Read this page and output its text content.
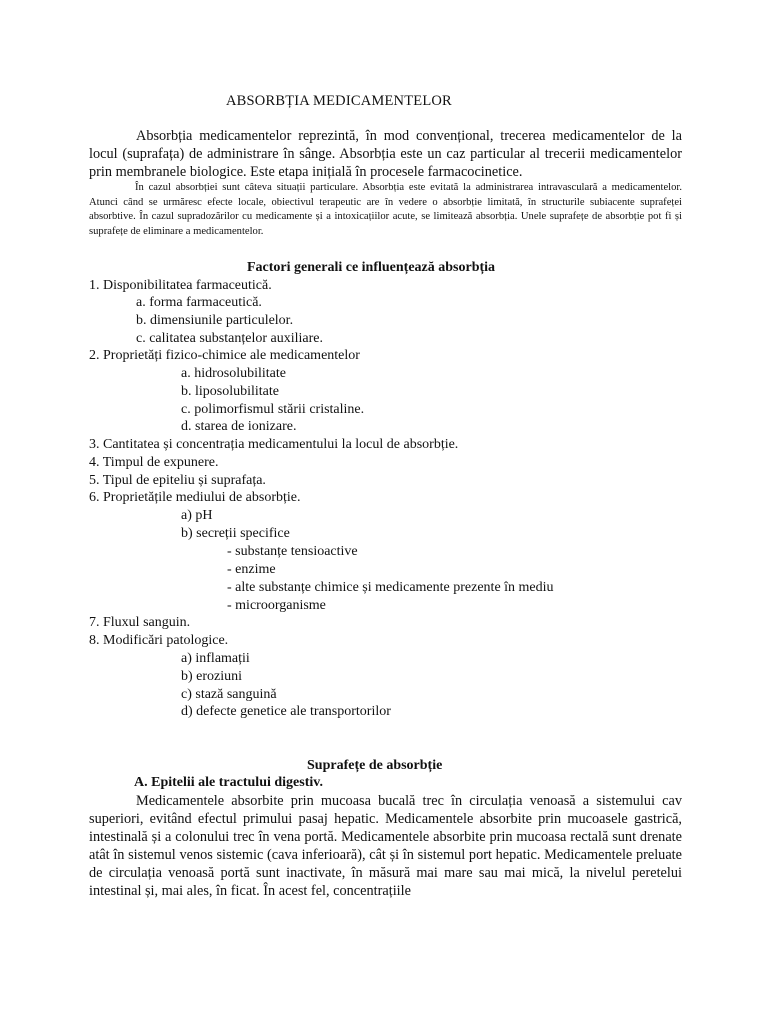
ABSORBȚIA MEDICAMENTELOR
Absorbția medicamentelor reprezintă, în mod convențional, trecerea medicamentelor de la locul (suprafața) de administrare în sânge. Absorbția este un caz particular al trecerii medicamentelor prin membranele biologice. Este etapa inițială în procesele farmacocinetice.
În cazul absorbției sunt câteva situații particulare. Absorbția este evitată la administrarea intravasculară a medicamentelor. Atunci când se urmăresc efecte locale, obiectivul terapeutic are în vedere o absorbție limitată, în structurile subiacente suprafeței absorbtive. În cazul supradozărilor cu medicamente și a intoxicațiilor acute, se limitează absorbția. Unele suprafețe de absorbție pot fi și suprafețe de eliminare a medicamentelor.
Factori generali ce influențează absorbția
1. Disponibilitatea farmaceutică.
a. forma farmaceutică.
b. dimensiunile particulelor.
c. calitatea substanțelor auxiliare.
2. Proprietăți fizico-chimice ale medicamentelor
a. hidrosolubilitate
b. liposolubilitate
c. polimorfismul stării cristaline.
d. starea de ionizare.
3. Cantitatea și concentrația medicamentului la locul de absorbție.
4. Timpul de expunere.
5. Tipul de epiteliu și suprafața.
6. Proprietățile mediului de absorbție.
a) pH
b) secreții specifice
- substanțe tensioactive
- enzime
- alte substanțe chimice și medicamente prezente în mediu
- microorganisme
7. Fluxul sanguin.
8. Modificări patologice.
a) inflamații
b) eroziuni
c) stază sanguină
d) defecte genetice ale transportorilor
Suprafețe de absorbție
A. Epitelii ale tractului digestiv.
Medicamentele absorbite prin mucoasa bucală trec în circulația venoasă a sistemului cav superiori, evitând efectul primului pasaj hepatic. Medicamentele absorbite prin mucoasele gastrică, intestinală și a colonului trec în vena portă. Medicamentele absorbite prin mucoasa rectală sunt drenate atât în sistemul venos sistemic (cava inferioară), cât și în sistemul port hepatic. Medicamentele preluate de circulația venoasă portă sunt inactivate, în măsură mai mare sau mai mică, la nivelul peretelui intestinal și, mai ales, în ficat. În acest fel, concentrațiile
